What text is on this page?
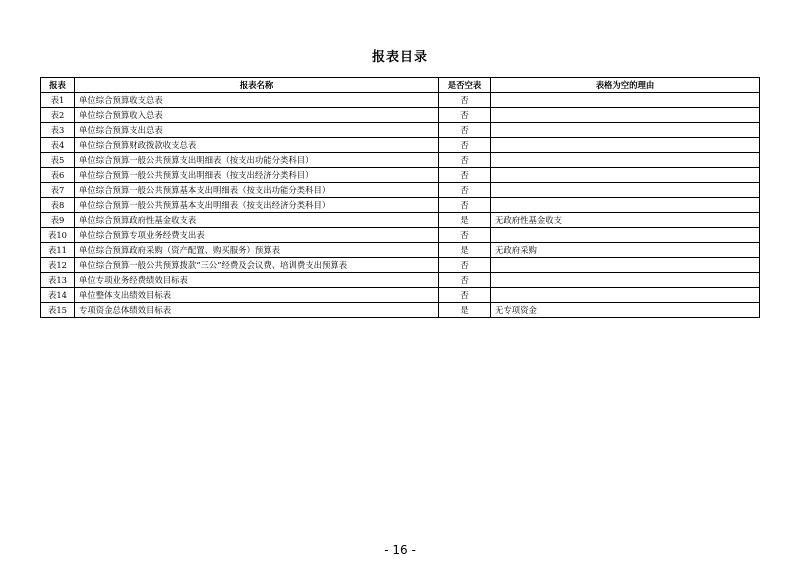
报表目录
报表	报表名称	是否空表	表格为空的理由
表1	单位综合预算收支总表	否	
表2	单位综合预算收入总表	否	
表3	单位综合预算支出总表	否	
表4	单位综合预算财政拨款收支总表	否	
表5	单位综合预算一般公共预算支出明细表（按支出功能分类科目）	否	
表6	单位综合预算一般公共预算支出明细表（按支出经济分类科目）	否	
表7	单位综合预算一般公共预算基本支出明细表（按支出功能分类科目）	否	
表8	单位综合预算一般公共预算基本支出明细表（按支出经济分类科目）	否	
表9	单位综合预算政府性基金收支表	是	无政府性基金收支
表10	单位综合预算专项业务经费支出表	否	
表11	单位综合预算政府采购（资产配置、购买服务）预算表	是	无政府采购
表12	单位综合预算一般公共预算拨款“三公”经费及会议费、培训费支出预算表	否	
表13	单位专项业务经费绩效目标表	否	
表14	单位整体支出绩效目标表	否	
表15	专项资金总体绩效目标表	是	无专项资金
- 16 -
